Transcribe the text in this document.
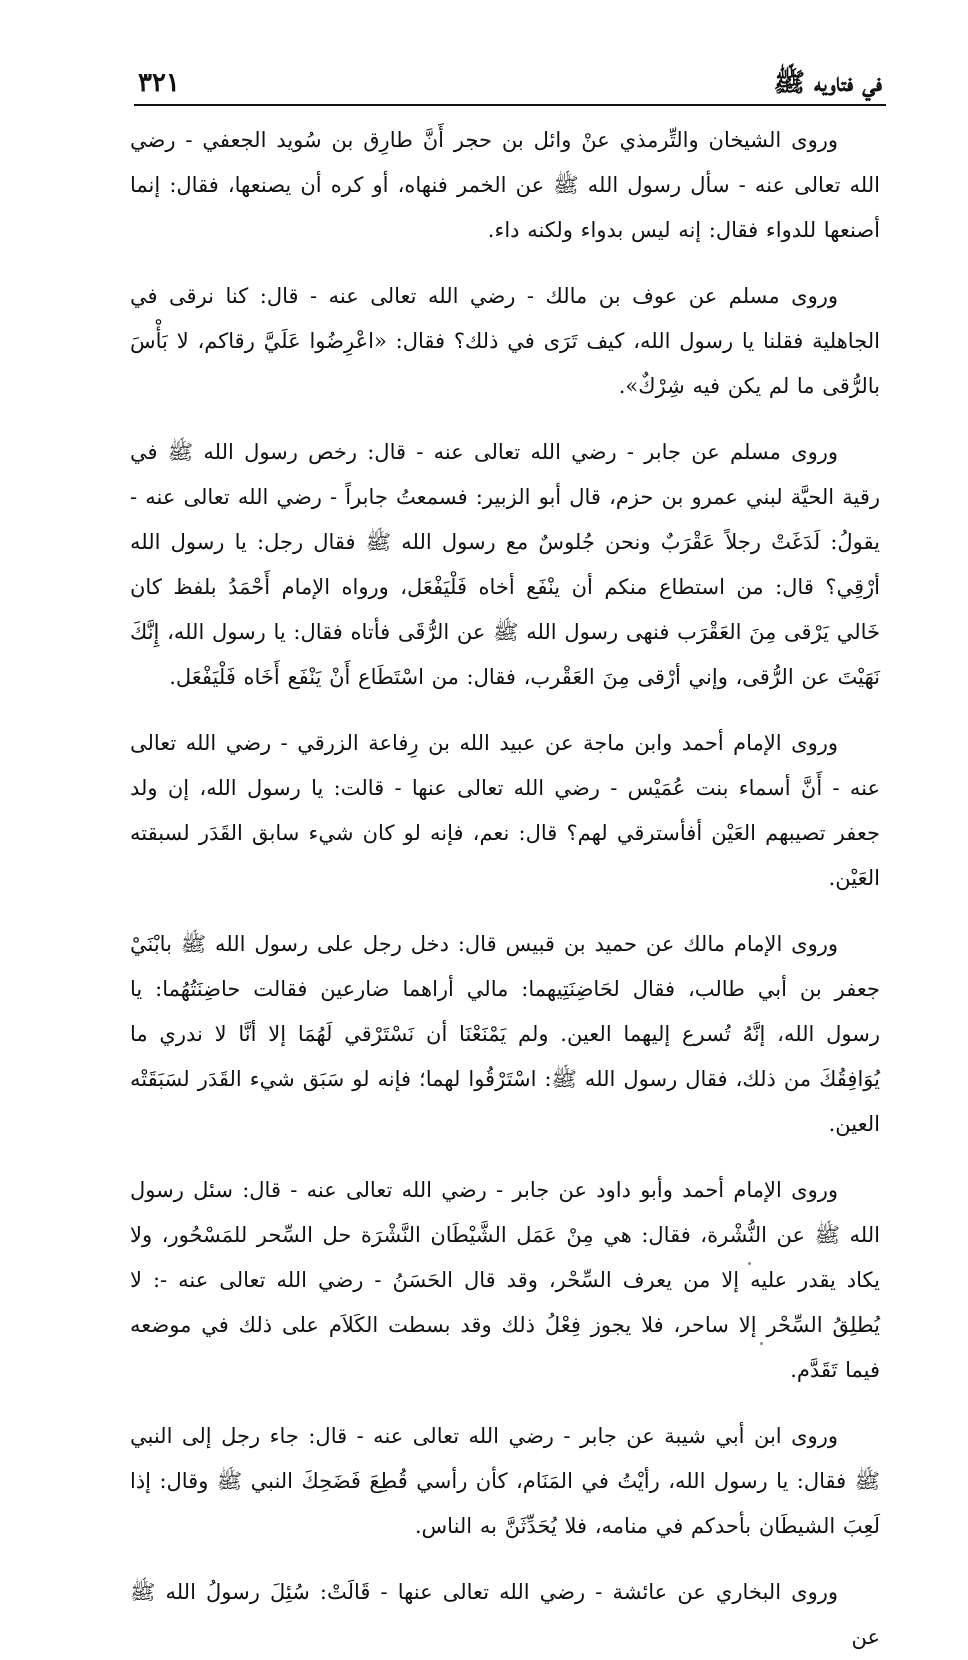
في فتاويه ﷺ
٣٢١

وروى الشيخان والتِّرمذي عنْ وائل بن حجر أَنَّ طارِق بن سُويد الجعفي - رضي الله تعالى عنه - سأل رسول الله ﷺ عن الخمر فنهاه، أو كره أن يصنعها، فقال: إنما أصنعها للدواء فقال: إنه ليس بدواء ولكنه داء.

وروى مسلم عن عوف بن مالك - رضي الله تعالى عنه - قال: كنا نرقى في الجاهلية فقلنا يا رسول الله، كيف تَرَى في ذلك؟ فقال: «اعْرِضُوا عَلَيَّ رقاكم، لا بَأْسَ بالرُّقى ما لم يكن فيه شِرْكٌ».

وروى مسلم عن جابر - رضي الله تعالى عنه - قال: رخص رسول الله ﷺ في رقية الحيَّة لبني عمرو بن حزم، قال أبو الزبير: فسمعتُ جابراً - رضي الله تعالى عنه - يقولُ: لَدَغَتْ رجلاً عَقْرَبٌ ونحن جُلوسٌ مع رسول الله ﷺ فقال رجل: يا رسول الله أرْقِي؟ قال: من استطاع منكم أن ينْفَع أخاه فَلْيَفْعَل، ورواه الإمام أَحْمَدُ بلفظ كان خَالي يَرْقى مِنَ العَقْرَب فنهى رسول الله ﷺ عن الرُّقَى فأتاه فقال: يا رسول الله، إِنَّكَ نَهَيْتَ عن الرُّقى، وإني أرْقى مِنَ العَقْرب، فقال: من اسْتَطَاع أَنْ يَنْفَع أَخَاه فَلْيَفْعَل.

وروى الإمام أحمد وابن ماجة عن عبيد الله بن رِفاعة الزرقي - رضي الله تعالى عنه - أَنَّ أسماء بنت عُمَيْس - رضي الله تعالى عنها - قالت: يا رسول الله، إن ولد جعفر تصيبهم العَيْن أفأسترقي لهم؟ قال: نعم، فإنه لو كان شيء سابق القَدَر لسبقته العَيْن.

وروى الإمام مالك عن حميد بن قبيس قال: دخل رجل على رسول الله ﷺ بابْنَيْ جعفر بن أبي طالب، فقال لحَاضِنَتِيهما: مالي أراهما ضارعين فقالت حاضِنَتُهُما: يا رسول الله، إنَّهُ تُسرع إليهما العين. ولم يَمْنَعْنَا أن نَسْتَرْقي لَهُمَا إلا أنَّا لا ندري ما يُوَافِقُكَ من ذلك، فقال رسول الله ﷺ: اسْتَرْقُوا لهما؛ فإنه لو سَبَق شيء القَدَر لسَبَقَتْه العين.

وروى الإمام أحمد وأبو داود عن جابر - رضي الله تعالى عنه - قال: سئل رسول الله ﷺ عن النُّشْرة، فقال: هي مِنْ عَمَل الشَّيْطَان النَّشْرَة حل السِّحر للمَسْحُور، ولا يكاد يقدر عليه إلا من يعرف السِّحْر، وقد قال الحَسَنُ - رضي الله تعالى عنه -: لا يُطلِقُ السِّحْر إلا ساحر، فلا يجوز فِعْلُ ذلك وقد بسطت الكَلاَم على ذلك في موضعه فيما تَقَدَّم.

وروى ابن أبي شيبة عن جابر - رضي الله تعالى عنه - قال: جاء رجل إلى النبي ﷺ فقال: يا رسول الله، رأيْتُ في المَنَام، كأن رأسي قُطِعَ فَضَحِكَ النبي ﷺ وقال: إذا لَعِبَ الشيطَان بأحدكم في منامه، فلا يُحَدِّثَنَّ به الناس.

وروى البخاري عن عائشة - رضي الله تعالى عنها - قَالَتْ: سُئِلَ رسولُ الله ﷺ عن
